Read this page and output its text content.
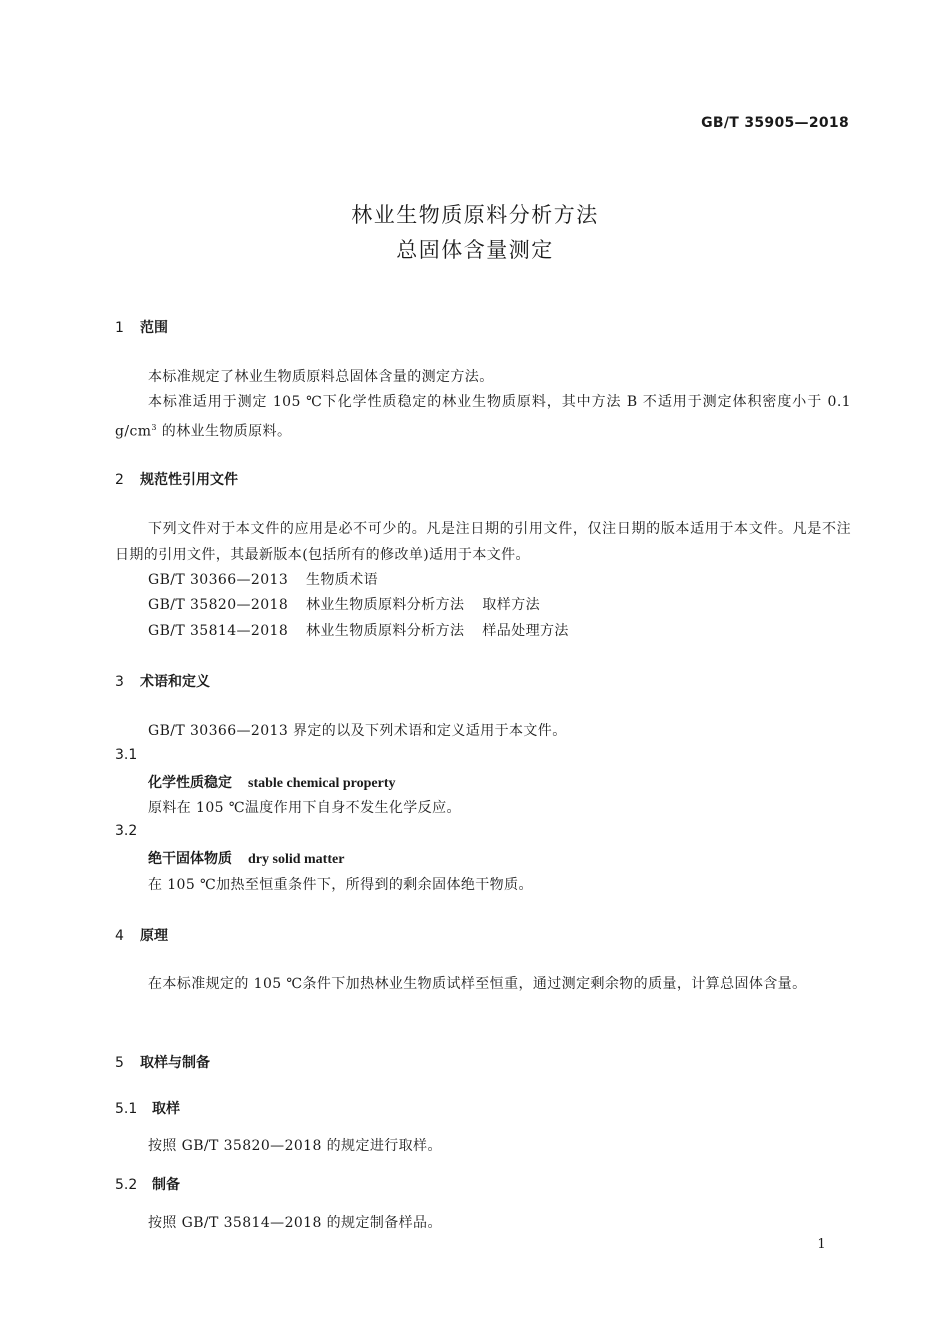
GB/T 35905—2018
林业生物质原料分析方法
总固体含量测定
1 范围
本标准规定了林业生物质原料总固体含量的测定方法。
本标准适用于测定 105 ℃下化学性质稳定的林业生物质原料，其中方法 B 不适用于测定体积密度小于 0.1 $g/cm^3$ 的林业生物质原料。
2 规范性引用文件
下列文件对于本文件的应用是必不可少的。凡是注日期的引用文件，仅注日期的版本适用于本文件。凡是不注日期的引用文件，其最新版本(包括所有的修改单)适用于本文件。
GB/T 30366—2013 生物质术语
GB/T 35820—2018 林业生物质原料分析方法 取样方法
GB/T 35814—2018 林业生物质原料分析方法 样品处理方法
3 术语和定义
GB/T 30366—2013 界定的以及下列术语和定义适用于本文件。
3.1
化学性质稳定 stable chemical property
原料在 105 ℃温度作用下自身不发生化学反应。
3.2
绝干固体物质 dry solid matter
在 105 ℃加热至恒重条件下，所得到的剩余固体绝干物质。
4 原理
在本标准规定的 105 ℃条件下加热林业生物质试样至恒重，通过测定剩余物的质量，计算总固体含量。
5 取样与制备
5.1 取样
按照 GB/T 35820—2018 的规定进行取样。
5.2 制备
按照 GB/T 35814—2018 的规定制备样品。
1
